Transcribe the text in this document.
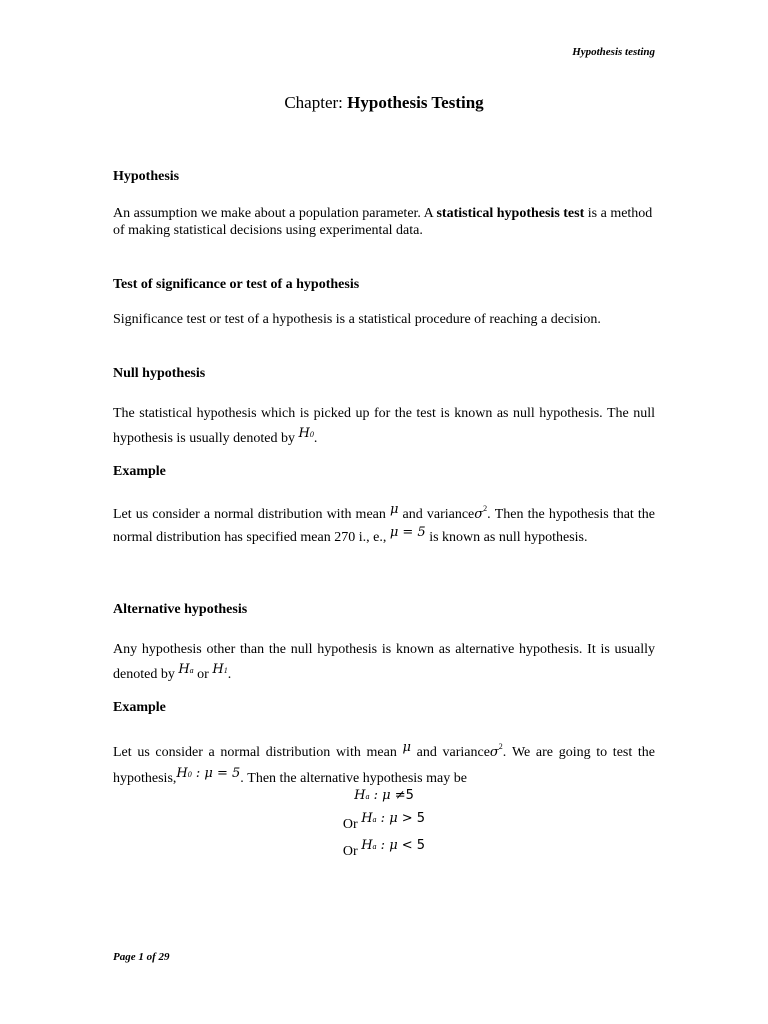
Hypothesis testing
Chapter: Hypothesis Testing
Hypothesis
An assumption we make about a population parameter. A statistical hypothesis test is a method of making statistical decisions using experimental data.
Test of significance or test of a hypothesis
Significance test or test of a hypothesis is a statistical procedure of reaching a decision.
Null hypothesis
The statistical hypothesis which is picked up for the test is known as null hypothesis. The null hypothesis is usually denoted by H0.
Example
Let us consider a normal distribution with mean μ and varianceσ$^2$. Then the hypothesis that the normal distribution has specified mean 270 i., e., μ = 5 is known as null hypothesis.
Alternative hypothesis
Any hypothesis other than the null hypothesis is known as alternative hypothesis. It is usually denoted by Ha or H1.
Example
Let us consider a normal distribution with mean μ and varianceσ$^2$. We are going to test the hypothesis,H0 : μ = 5. Then the alternative hypothesis may be
Ha : μ ≠5
Or Ha : μ > 5
Or Ha : μ < 5
Page 1 of 29
